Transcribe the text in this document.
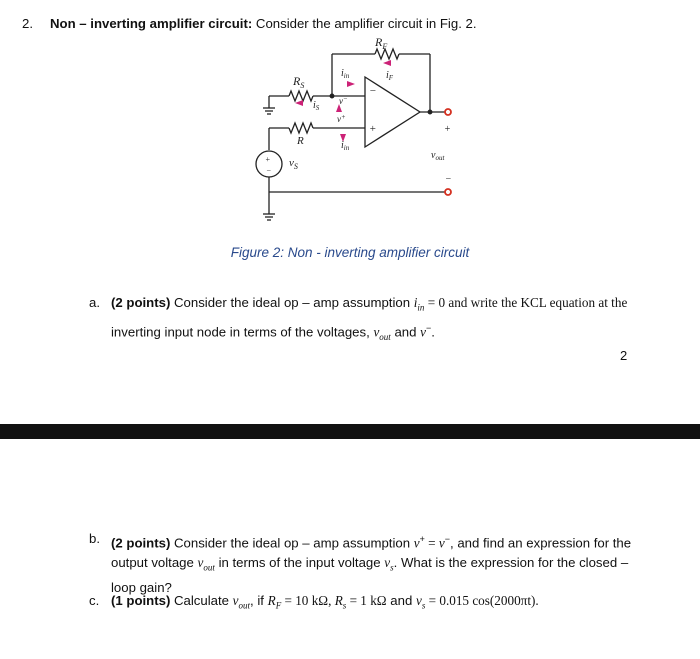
2. Non – inverting amplifier circuit: Consider the amplifier circuit in Fig. 2.
$R_F$
$R_S$
$i_{in}$	$i_F$
$i_S$
v−
v+
R	$i_{in}$
$v_{out}$
$v_S$
−
+	+
−
+
−
Figure 2: Non - inverting amplifier circuit
a. (2 points) Consider the ideal op – amp assumption $i_{in} = 0$ and write the KCL equation at the
inverting input node in terms of the voltages, $v_{out}$ and v−.
2
b. (2 points) Consider the ideal op – amp assumption v+ = v−, and find an expression for the
output voltage $v_{out}$ in terms of the input voltage $v_s$. What is the expression for the closed –
loop gain?
c. (1 points) Calculate $v_{out}$, if $R_F = 10$ kΩ, $R_s = 1$ kΩ and $v_s = 0.015$ cos(2000πt).
